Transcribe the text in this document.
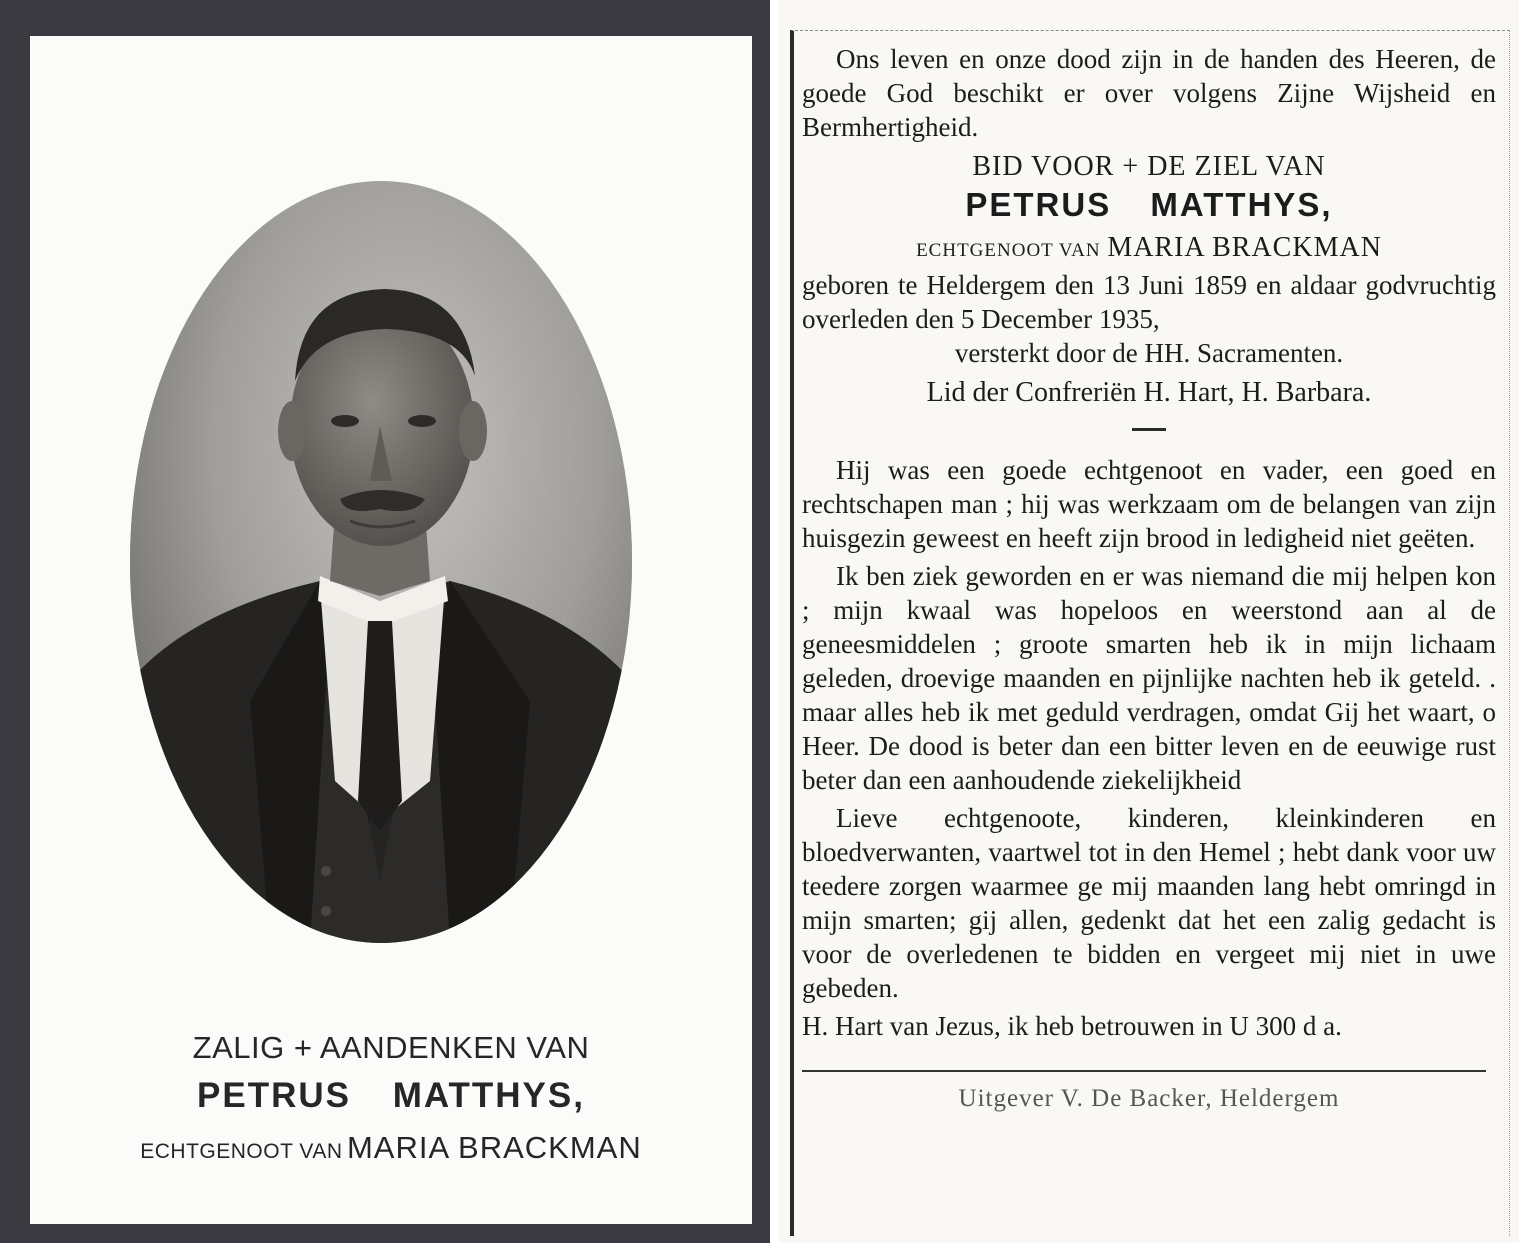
ZALIG + AANDENKEN VAN
PETRUS MATTHYS,
ECHTGENOOT VAN MARIA BRACKMAN

Ons leven en onze dood zijn in de handen des Heeren, de goede God beschikt er over volgens Zijne Wijsheid en Bermhertigheid.

BID VOOR + DE ZIEL VAN

PETRUS MATTHYS,

ECHTGENOOT VAN MARIA BRACKMAN

geboren te Heldergem den 13 Juni 1859 en aldaar godvruchtig overleden den 5 December 1935,

versterkt door de HH. Sacramenten.

Lid der Confreriën H. Hart, H. Barbara.

Hij was een goede echtgenoot en vader, een goed en rechtschapen man ; hij was werkzaam om de belangen van zijn huisgezin geweest en heeft zijn brood in ledigheid niet geëten.

Ik ben ziek geworden en er was niemand die mij helpen kon ; mijn kwaal was hopeloos en weerstond aan al de geneesmiddelen ; groote smarten heb ik in mijn lichaam geleden, droevige maanden en pijnlijke nachten heb ik geteld. . maar alles heb ik met geduld verdragen, omdat Gij het waart, o Heer. De dood is beter dan een bitter leven en de eeuwige rust beter dan een aanhoudende ziekelijkheid

Lieve echtgenoote, kinderen, kleinkinderen en bloedverwanten, vaartwel tot in den Hemel ; hebt dank voor uw teedere zorgen waarmee ge mij maanden lang hebt omringd in mijn smarten; gij allen, gedenkt dat het een zalig gedacht is voor de overledenen te bidden en vergeet mij niet in uwe gebeden.

H. Hart van Jezus, ik heb betrouwen in U 300 d a.

Uitgever V. De Backer, Heldergem
